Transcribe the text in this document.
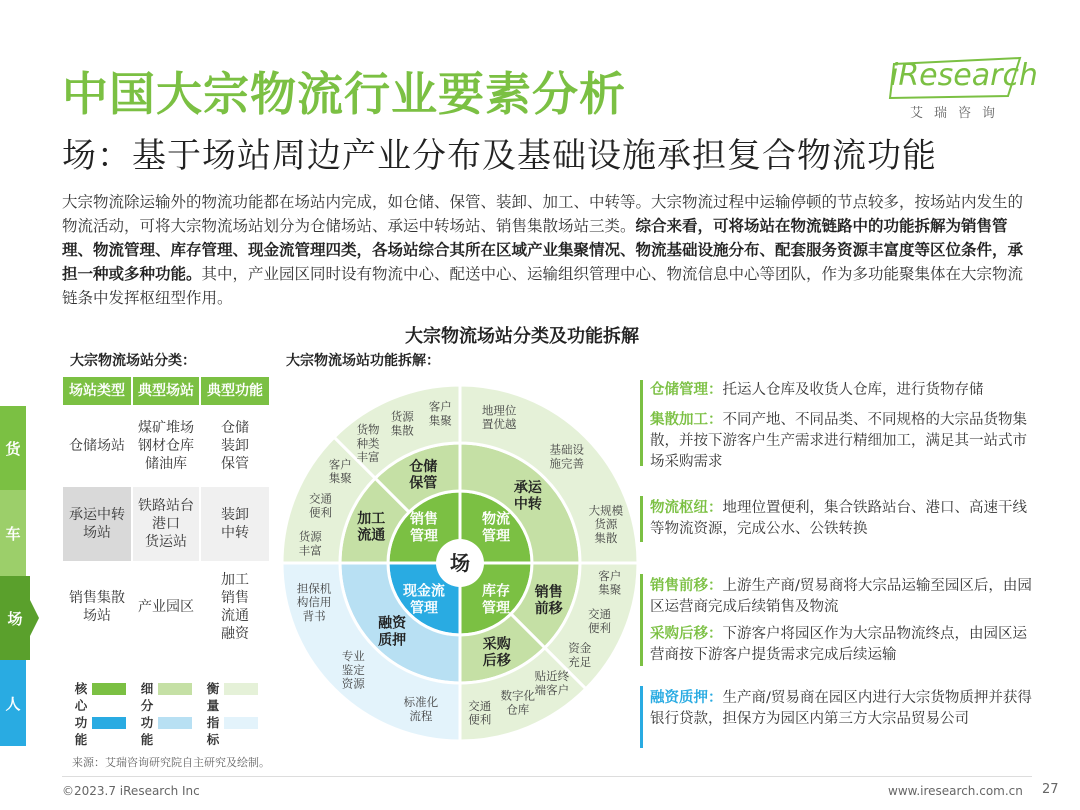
中国大宗物流行业要素分析
场：基于场站周边产业分布及基础设施承担复合物流功能
iResearch
艾瑞咨询
大宗物流除运输外的物流功能都在场站内完成，如仓储、保管、装卸、加工、中转等。大宗物流过程中运输停顿的节点较多，按场站内发生的物流活动，可将大宗物流场站划分为仓储场站、承运中转场站、销售集散场站三类。综合来看，可将场站在物流链路中的功能拆解为销售管理、物流管理、库存管理、现金流管理四类，各场站综合其所在区域产业集聚情况、物流基础设施分布、配套服务资源丰富度等区位条件，承担一种或多种功能。其中，产业园区同时设有物流中心、配送中心、运输组织管理中心、物流信息中心等团队，作为多功能聚集体在大宗物流链条中发挥枢纽型作用。
大宗物流场站分类及功能拆解
大宗物流场站分类：	大宗物流场站功能拆解：
货
车
场
人
场站类型 典型场站 典型功能
仓储场站
煤矿堆场
钢材仓库
储油库
仓储
装卸
保管
承运中转
场站
铁路站台
港口
货运站
装卸
中转
销售集散
场站
产业园区
加工
销售
流通
融资
核心功能
细分功能
衡量指标
销售管理
加工流通
货源丰富
交通便利
客户集聚
仓储保管
货物种类丰富
货源集散
客户集聚
物流管理
承运中转
地理位置优越
基础设施完善
大规模货源集散
库存管理
销售前移
客户集聚
交通便利
资金充足
采购后移
贴近终端客户
数字化仓库
交通便利
现金流管理
融资质押
标准化流程
专业鉴定资源
担保机构信用背书
场
仓储管理：托运人仓库及收货人仓库，进行货物存储
集散加工：不同产地、不同品类、不同规格的大宗品货物集散，并按下游客户生产需求进行精细加工，满足其一站式市场采购需求
物流枢纽：地理位置便利，集合铁路站台、港口、高速干线等物流资源，完成公水、公铁转换
销售前移：上游生产商/贸易商将大宗品运输至园区后，由园区运营商完成后续销售及物流
采购后移：下游客户将园区作为大宗品物流终点，由园区运营商按下游客户提货需求完成后续运输
融资质押：生产商/贸易商在园区内进行大宗货物质押并获得银行贷款，担保方为园区内第三方大宗品贸易公司
来源：艾瑞咨询研究院自主研究及绘制。
©2023.7 iResearch Inc	www.iresearch.com.cn 27
